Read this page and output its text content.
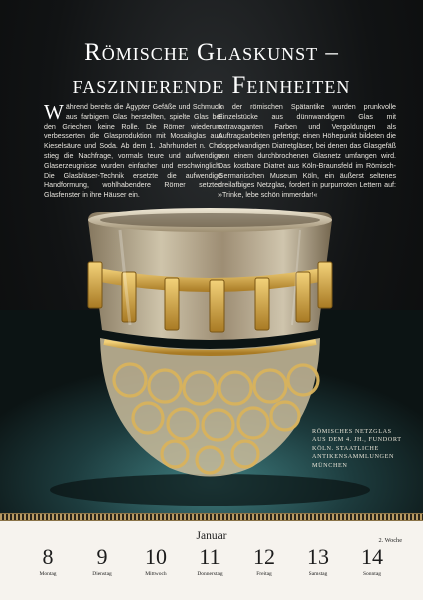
Römische Glaskunst –
faszinierende Feinheiten
Während bereits die Ägypter Gefäße und Schmuck aus farbigem Glas herstellten, spielte Glas bei den Griechen keine Rolle. Die Römer wiederum verbesserten die Glasproduktion mit Mosaikglas aus Kieselsäure und Soda. Ab dem 1. Jahrhundert n. Chr. stieg die Nachfrage, vormals teure und aufwendige Glaserzeugnisse wurden einfacher und erschwinglich. Die Glasbläser-Technik ersetzte die aufwendige Handformung, wohlhabendere Römer setzten Glasfenster in ihre Häuser ein.
In der römischen Spätantike wurden prunkvolle Einzelstücke aus dünnwandigem Glas mit extravaganten Farben und Vergoldungen als Auftragsarbeiten gefertigt; einen Höhepunkt bildeten die doppelwandigen Diatretgläser, bei denen das Glasgefäß von einem durchbrochenen Glasnetz umfangen wird. Das kostbare Diatret aus Köln-Braunsfeld im Römisch-Germanischen Museum Köln, ein äußerst seltenes dreilafbiges Netzglas, fordert in purpurroten Lettern auf: »Trinke, lebe schön immerdar!«
RÖMISCHES NETZGLAS
AUS DEM 4. JH., FUNDORT
KÖLN. STAATLICHE
ANTIKENSAMMLUNGEN
MÜNCHEN
Januar	2. Woche
8
Montag
9
Dienstag
10
Mittwoch
11
Donnerstag
12
Freitag
13
Samstag
14
Sonntag
